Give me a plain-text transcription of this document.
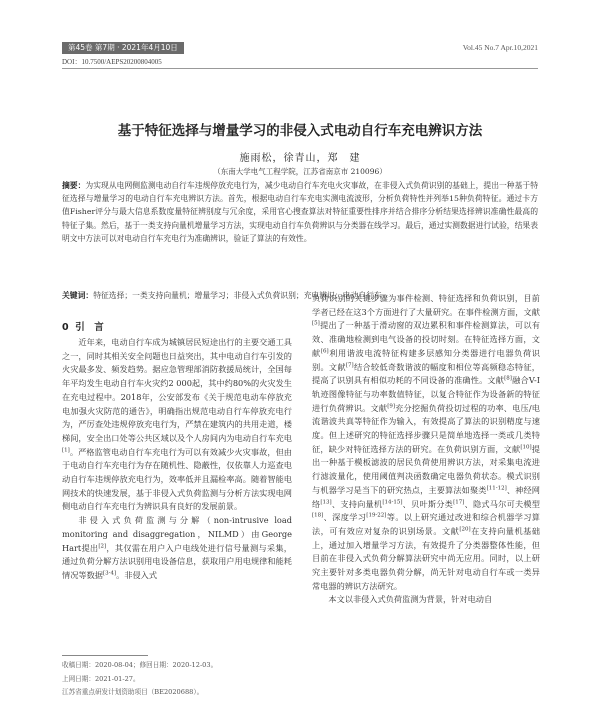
第45卷 第7期 · 2021年4月10日	Vol.45 No.7 Apr.10,2021
DOI：10.7500/AEPS20200804005
基于特征选择与增量学习的非侵入式电动自行车充电辨识方法
施雨松，徐青山，郑　建
（东南大学电气工程学院，江苏省南京市 210096）
摘要：为实现从电网侧监测电动自行车违规停放充电行为，减少电动自行车充电火灾事故，在非侵入式负荷识别的基础上，提出一种基于特征选择与增量学习的电动自行车充电辨识方法。首先，根据电动自行车充电实测电流波形，分析负荷特性并列举15种负荷特征。通过卡方值Fisher评分与最大信息系数度量特征辨别度与冗余度，采用官心搜查算法对特征重要性排序并结合排序分析结果选择辨识准确性最高的特征子集。然后，基于一类支持向量机增量学习方法，实现电动自行车负荷辨识与分类器在线学习。最后，通过实测数据进行试验，结果表明文中方法可以对电动自行车充电行为准确辨识，验证了算法的有效性。
关键词：特征选择；一类支持向量机；增量学习；非侵入式负荷识别；充电辨识；电动自行车
0 引　言

近年来，电动自行车成为城镇居民短途出行的主要交通工具之一，同时其相关安全问题也日益突出，其中电动自行车引发的火灾最多发、频发趋势。据应急管理部消防救援局统计，全国每年平均发生电动自行车火灾约2 000起，其中约80%的火灾发生在充电过程中。2018年，公安部发布《关于规范电动车停放充电加强火灾防范的通告》，明确指出规范电动自行车停放充电行为，严厉查处违规停放充电行为，严禁在建筑内的共用走道，楼梯间，安全出口处等公共区域以及个人房间内为电动自行车充电[1]。严格监管电动自行车充电行为可以有效减少火灾事故，但由于电动自行车充电行为存在随机性、隐蔽性，仅依靠人力巡查电动自行车违规停放充电行为，效率低并且漏检率高。随着智能电网技术的快速发展，基于非侵入式负荷监测与分析方法实现电网侧电动自行车充电行为辨识具有良好的发展前景。

非侵入式负荷监测与分解（non-intrusive load monitoring and disaggregation，NILMD）由George Hart提出[2]，其仅需在用户入户电线处进行信号量测与采集，通过负荷分解方法识别用电设备信息，获取用户用电规律和能耗情况等数据[3-4]。非侵入式

负荷识别的关键步骤为事件检测、特征选择和负荷识别，目前学者已经在这3个方面进行了大量研究。在事件检测方面，文献[5]提出了一种基于滑动窗的双边累积和事件检测算法，可以有效、准确地检测到电气设备的投切时刻。在特征选择方面，文献[6]利用谐波电流特征构建多层感知分类器进行电器负荷识别。文献[7]结合较低奇数谐波的幅度和相位等高频稳态特征，提高了识别具有相似功耗的不同设备的准确性。文献[8]融合V-I轨迹图像特征与功率数值特征，以复合特征作为设备新的特征进行负荷辨识。文献[9]充分挖掘负荷投切过程的功率、电压/电流谐波共真等特征作为输入，有效提高了算法的识别精度与速度。但上述研究的特征选择步骤只是简单地选择一类或几类特征，缺少对特征选择方法的研究。在负荷识别方面，文献[10]提出一种基于模板滤波的居民负荷使用辨识方法，对采集电流进行滤波量化，使用阈值判决函数确定电器负荷状态。模式识别与机器学习是当下的研究热点，主要算法如聚类[11-12]、神经网络[13]、支持向量机[14-15]、贝叶斯分类[17]、隐式马尔可夫模型[18]、深度学习[19-22]等。以上研究通过改进和综合机器学习算法，可有效应对复杂的识别场景。文献[20]在支持向量机基础上，通过加入增量学习方法，有效提升了分类器整体性能，但目前在非侵入式负荷分解算法研究中尚无应用。同时，以上研究主要针对多类电器负荷分解，尚无针对电动自行车或一类异常电器的辨识方法研究。

本文以非侵入式负荷监测为背景，针对电动自

收稿日期：2020-08-04；修回日期：2020-12-03。
上网日期：2021-01-27。
江苏省重点研发计划资助项目（BE2020688）。
